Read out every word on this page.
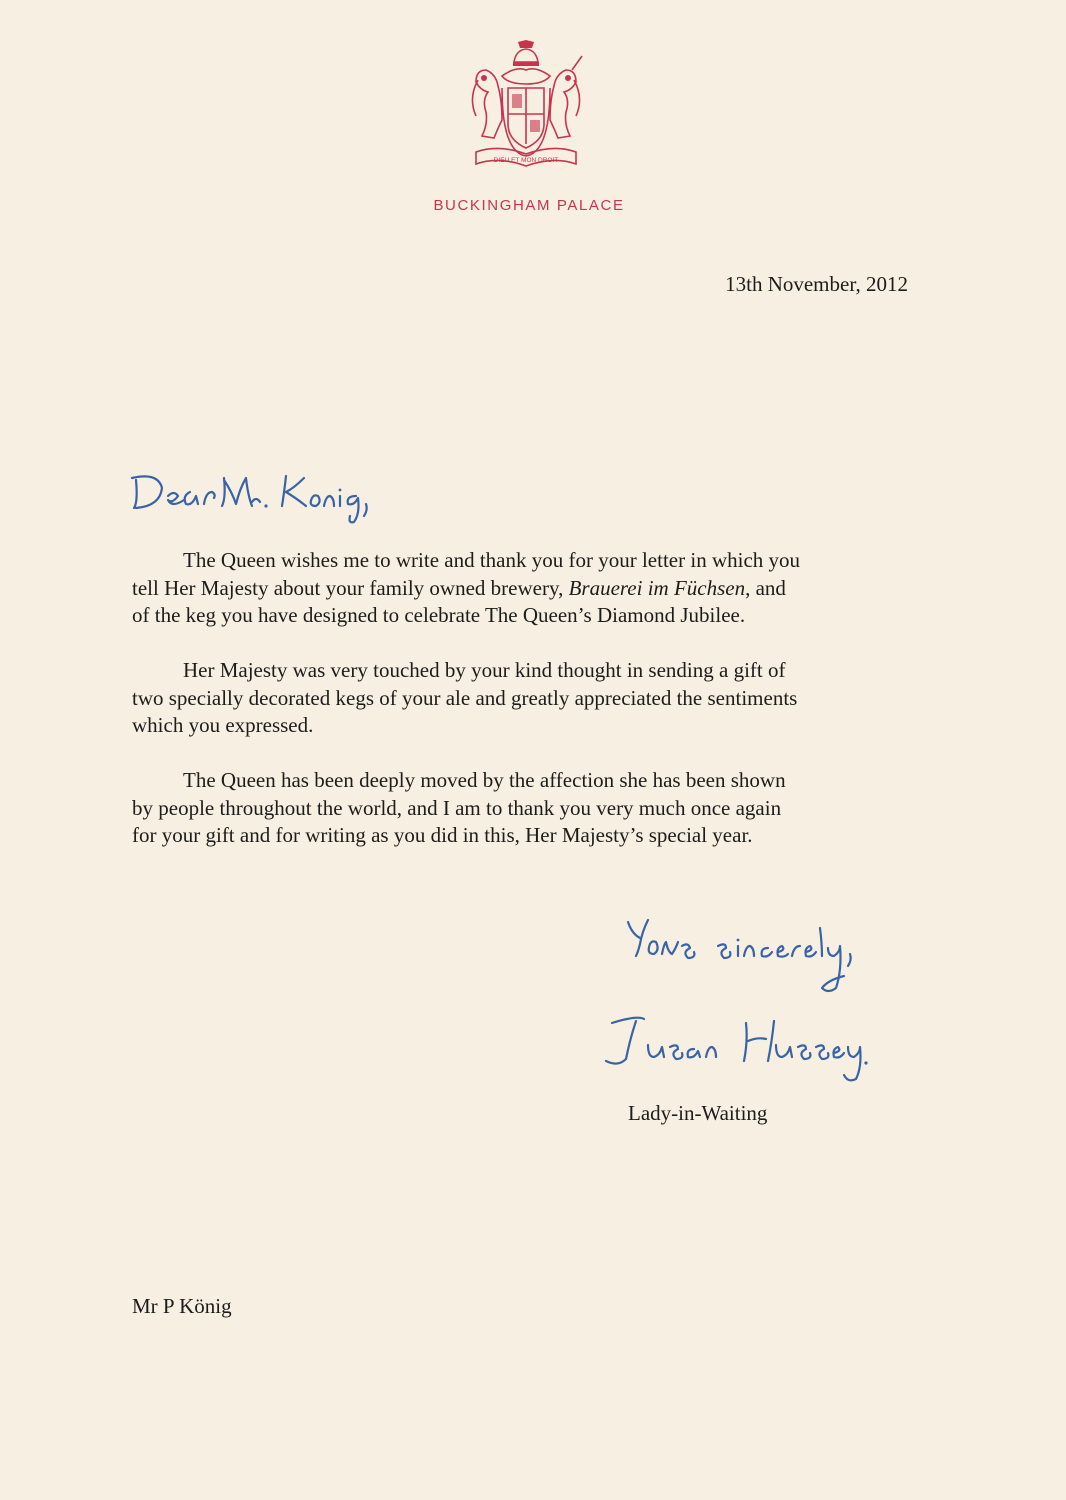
DIEU ET MON DROIT
BUCKINGHAM PALACE
13th November, 2012

The Queen wishes me to write and thank you for your letter in which you
tell Her Majesty about your family owned brewery, Brauerei im Füchsen, and
of the keg you have designed to celebrate The Queen’s Diamond Jubilee.

Her Majesty was very touched by your kind thought in sending a gift of
two specially decorated kegs of your ale and greatly appreciated the sentiments
which you expressed.

The Queen has been deeply moved by the affection she has been shown
by people throughout the world, and I am to thank you very much once again
for your gift and for writing as you did in this, Her Majesty’s special year.

Lady-in-Waiting
Mr P König
